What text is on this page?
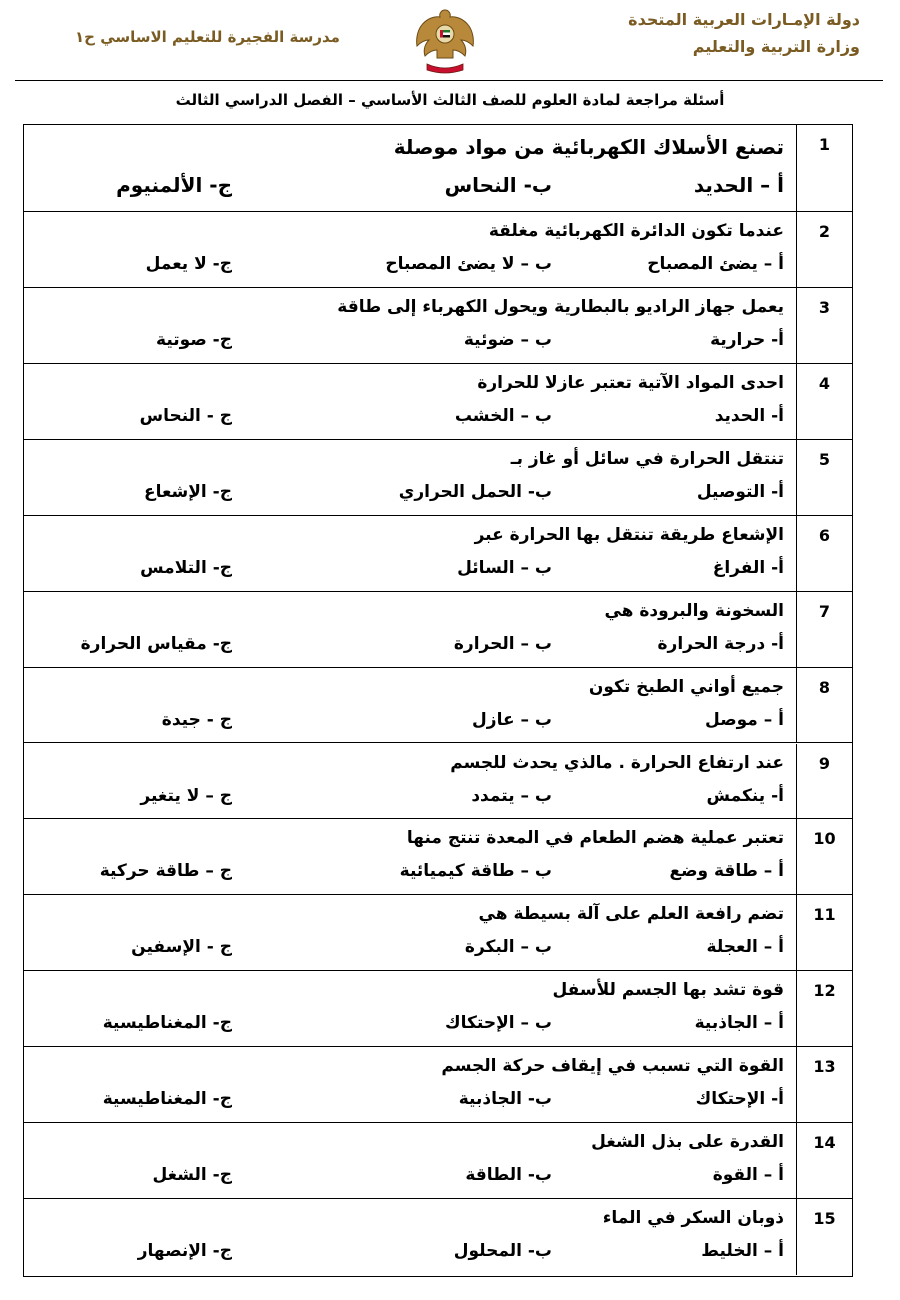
دولة الإمـارات العربية المتحدة
وزارة التربية والتعليم
مدرسة الفجيرة للتعليم الاساسي ح١
أسئلة مراجعة لمادة العلوم للصف الثالث الأساسي – الفصل الدراسي الثالث
1
تصنع الأسلاك الكهربائية من مواد موصلة
أ – الحديد
ب- النحاس
ج- الألمنيوم
2
عندما تكون الدائرة الكهربائية مغلقة
أ – يضئ المصباح
ب – لا يضئ المصباح
ج- لا يعمل
3
يعمل جهاز الراديو بالبطارية ويحول الكهرباء إلى طاقة
أ- حرارية
ب – ضوئية
ج- صوتية
4
احدى المواد الآتية تعتبر عازلا للحرارة
أ- الحديد
ب – الخشب
ج - النحاس
5
تنتقل الحرارة في سائل أو غاز بـ
أ- التوصيل
ب- الحمل الحراري
ج- الإشعاع
6
الإشعاع طريقة تنتقل بها الحرارة عبر
أ- الفراغ
ب – السائل
ج- التلامس
7
السخونة والبرودة هي
أ- درجة الحرارة
ب – الحرارة
ج- مقياس الحرارة
8
جميع أواني الطبخ تكون
أ – موصل
ب – عازل
ج - جيدة
9
عند ارتفاع الحرارة . مالذي يحدث للجسم
أ- ينكمش
ب – يتمدد
ج – لا يتغير
10
تعتبر عملية هضم الطعام في المعدة تنتج منها
أ – طاقة وضع
ب – طاقة كيميائية
ج – طاقة حركية
11
تضم رافعة العلم على آلة بسيطة هي
أ – العجلة
ب – البكرة
ج - الإسفين
12
قوة تشد بها الجسم للأسفل
أ – الجاذبية
ب – الإحتكاك
ج- المغناطيسية
13
القوة التي تسبب في إيقاف حركة الجسم
أ- الإحتكاك
ب- الجاذبية
ج- المغناطيسية
14
القدرة على بذل الشغل
أ – القوة
ب- الطاقة
ج- الشغل
15
ذوبان السكر في الماء
أ – الخليط
ب- المحلول
ج- الإنصهار
